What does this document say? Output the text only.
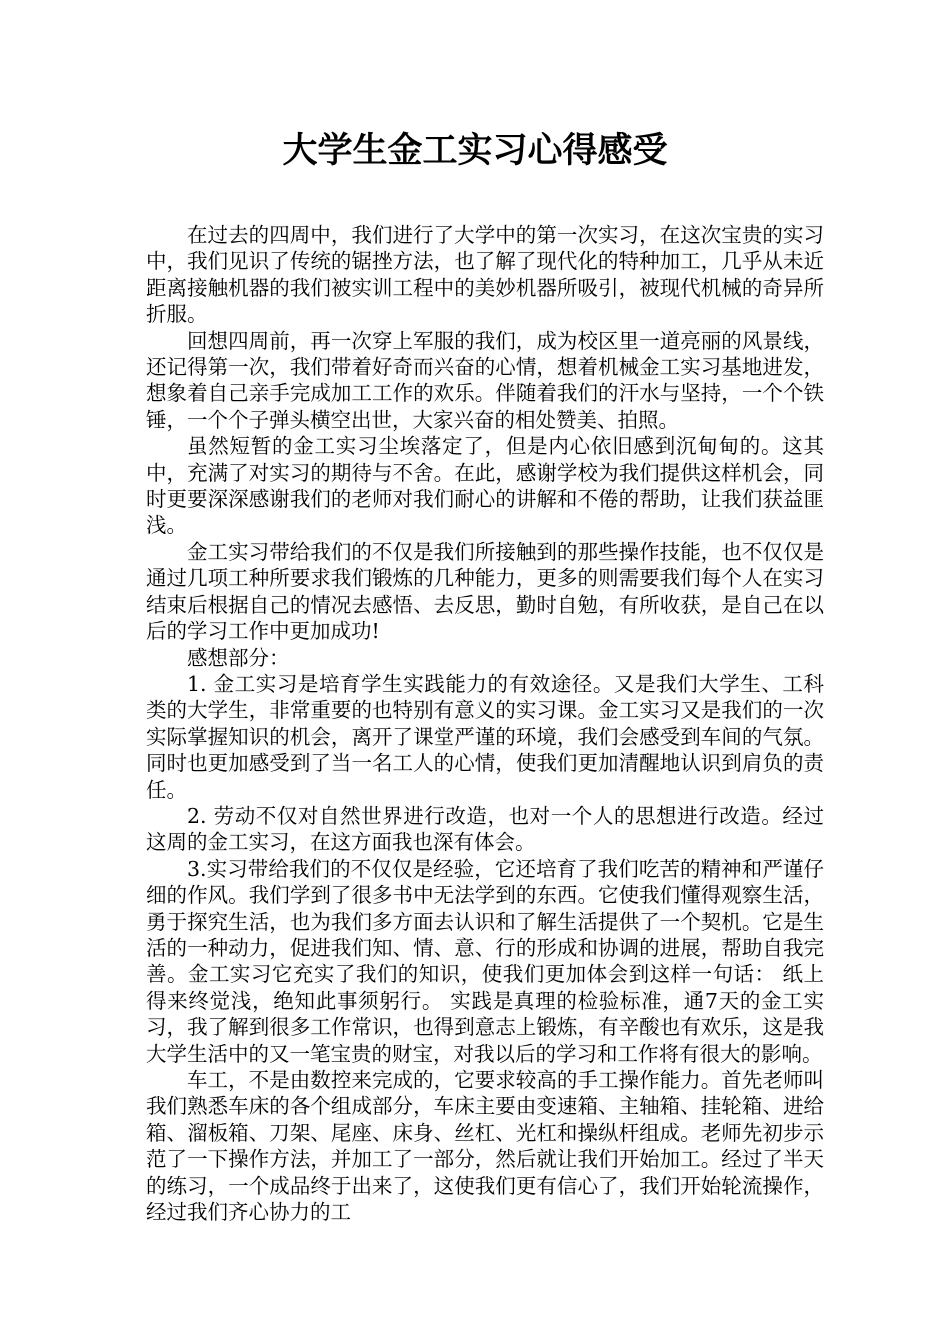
大学生金工实习心得感受

在过去的四周中，我们进行了大学中的第一次实习，在这次宝贵的实习中，我们见识了传统的锯挫方法，也了解了现代化的特种加工，几乎从未近距离接触机器的我们被实训工程中的美妙机器所吸引，被现代机械的奇异所折服。

回想四周前，再一次穿上军服的我们，成为校区里一道亮丽的风景线，还记得第一次，我们带着好奇而兴奋的心情，想着机械金工实习基地进发，想象着自己亲手完成加工工作的欢乐。伴随着我们的汗水与坚持，一个个铁锤，一个个子弹头横空出世，大家兴奋的相处赞美、拍照。

虽然短暂的金工实习尘埃落定了，但是内心依旧感到沉甸甸的。这其中，充满了对实习的期待与不舍。在此，感谢学校为我们提供这样机会，同时更要深深感谢我们的老师对我们耐心的讲解和不倦的帮助，让我们获益匪浅。

金工实习带给我们的不仅是我们所接触到的那些操作技能，也不仅仅是通过几项工种所要求我们锻炼的几种能力，更多的则需要我们每个人在实习结束后根据自己的情况去感悟、去反思，勤时自勉，有所收获，是自己在以后的学习工作中更加成功!

感想部分：

1. 金工实习是培育学生实践能力的有效途径。又是我们大学生、工科类的大学生，非常重要的也特别有意义的实习课。金工实习又是我们的一次实际掌握知识的机会，离开了课堂严谨的环境，我们会感受到车间的气氛。同时也更加感受到了当一名工人的心情，使我们更加清醒地认识到肩负的责任。

2. 劳动不仅对自然世界进行改造，也对一个人的思想进行改造。经过这周的金工实习，在这方面我也深有体会。

3.实习带给我们的不仅仅是经验，它还培育了我们吃苦的精神和严谨仔细的作风。我们学到了很多书中无法学到的东西。它使我们懂得观察生活，勇于探究生活，也为我们多方面去认识和了解生活提供了一个契机。它是生活的一种动力，促进我们知、情、意、行的形成和协调的进展，帮助自我完善。金工实习它充实了我们的知识，使我们更加体会到这样一句话： 纸上得来终觉浅，绝知此事须躬行。 实践是真理的检验标准，通7天的金工实习，我了解到很多工作常识，也得到意志上锻炼，有辛酸也有欢乐，这是我大学生活中的又一笔宝贵的财宝，对我以后的学习和工作将有很大的影响。

车工，不是由数控来完成的，它要求较高的手工操作能力。首先老师叫我们熟悉车床的各个组成部分，车床主要由变速箱、主轴箱、挂轮箱、进给箱、溜板箱、刀架、尾座、床身、丝杠、光杠和操纵杆组成。老师先初步示范了一下操作方法，并加工了一部分，然后就让我们开始加工。经过了半天的练习，一个成品终于出来了，这使我们更有信心了，我们开始轮流操作，经过我们齐心协力的工
